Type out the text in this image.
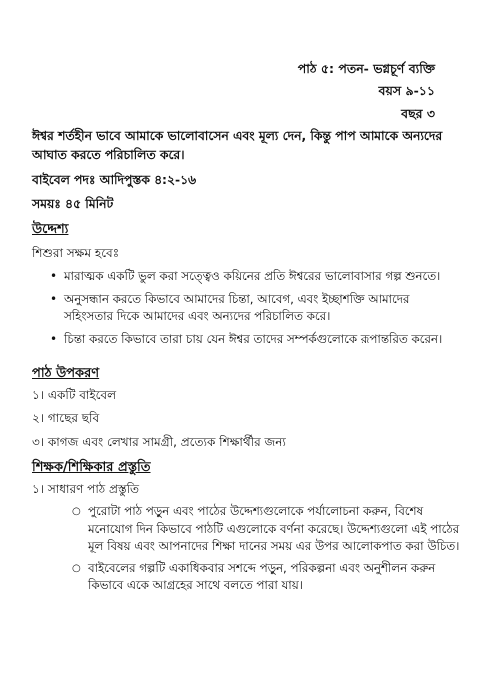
পাঠ ৫: পতন- ভগ্নচূর্ণ ব্যক্তি
বয়স ৯-১১
বছর ৩
ঈশ্বর শর্তহীন ভাবে আমাকে ভালোবাসেন এবং মূল্য দেন, কিন্তু পাপ আমাকে অন্যদের আঘাত করতে পরিচালিত করে।
বাইবেল পদঃ আদিপুস্তক ৪:২-১৬
সময়ঃ ৪৫ মিনিট
উদ্দেশ্য
শিশুরা সক্ষম হবেঃ
• মারাত্মক একটি ভুল করা সত্ত্বেও কয়িনের প্রতি ঈশ্বরের ভালোবাসার গল্প শুনতে।
• অনুসন্ধান করতে কিভাবে আমাদের চিন্তা, আবেগ, এবং ইচ্ছাশক্তি আমাদের সহিংসতার দিকে আমাদের এবং অন্যদের পরিচালিত করে।
• চিন্তা করতে কিভাবে তারা চায় যেন ঈশ্বর তাদের সম্পর্কগুলোকে রূপান্তরিত করেন।
পাঠ উপকরণ
১। একটি বাইবেল
২। গাছের ছবি
৩। কাগজ এবং লেখার সামগ্রী, প্রত্যেক শিক্ষার্থীর জন্য
শিক্ষক/শিক্ষিকার প্রস্তুতি
১। সাধারণ পাঠ প্রস্তুতি
○ পুরোটা পাঠ পড়ুন এবং পাঠের উদ্দেশ্যগুলোকে পর্যালোচনা করুন, বিশেষ মনোযোগ দিন কিভাবে পাঠটি এগুলোকে বর্ণনা করেছে। উদ্দেশ্যগুলো এই পাঠের মূল বিষয় এবং আপনাদের শিক্ষা দানের সময় এর উপর আলোকপাত করা উচিত।
○ বাইবেলের গল্পটি একাধিকবার সশব্দে পড়ুন, পরিকল্পনা এবং অনুশীলন করুন কিভাবে একে আগ্রহের সাথে বলতে পারা যায়।
